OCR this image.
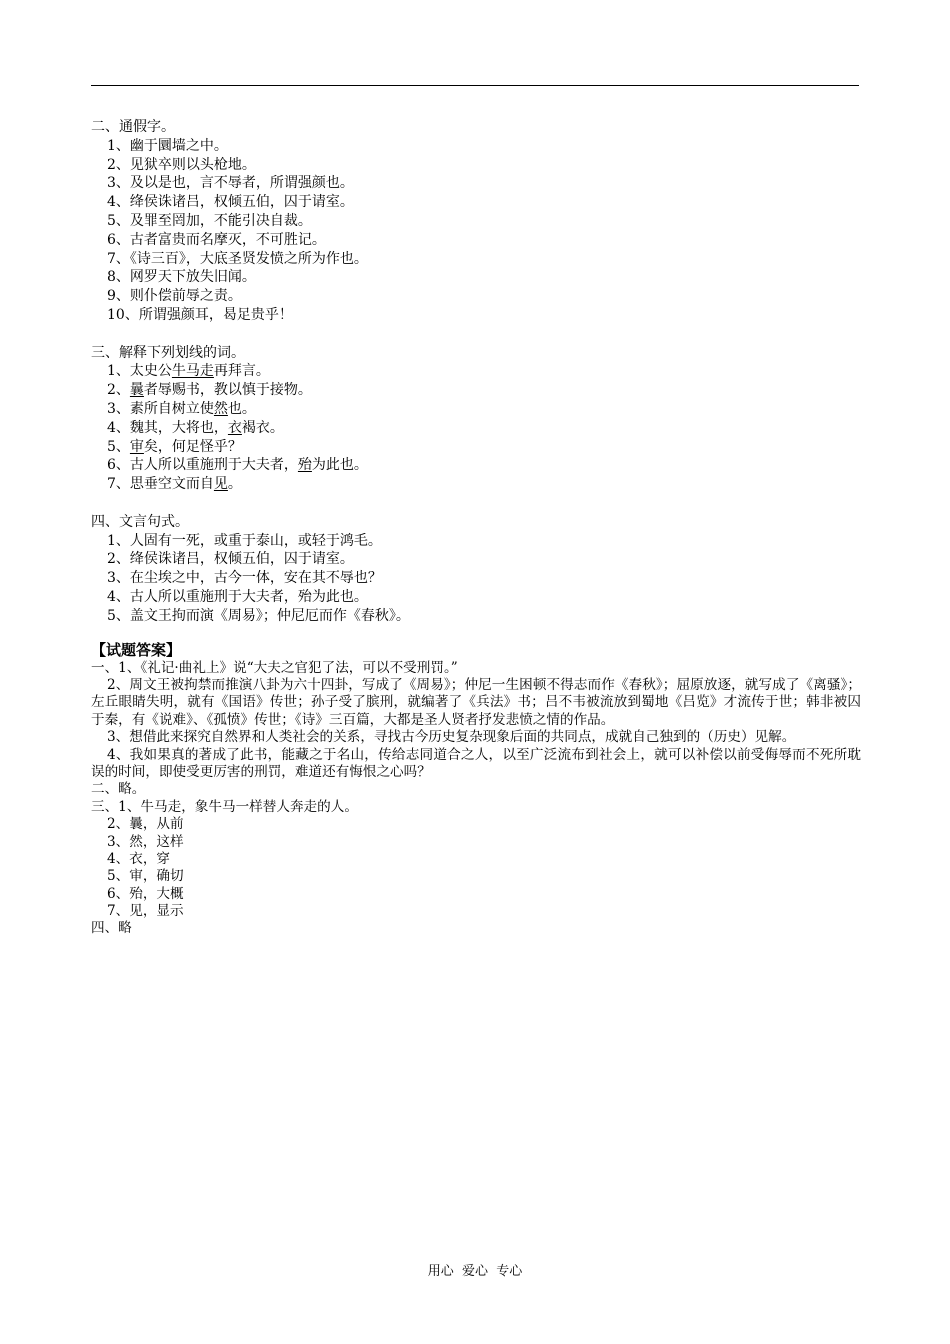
二、通假字。
1、幽于圜墙之中。
2、见狱卒则以头枪地。
3、及以是也，言不辱者，所谓强颜也。
4、绛侯诛诸吕，权倾五伯，囚于请室。
5、及罪至罔加，不能引决自裁。
6、古者富贵而名摩灭，不可胜记。
7、《诗三百》，大底圣贤发愤之所为作也。
8、网罗天下放失旧闻。
9、则仆偿前辱之责。
10、所谓强颜耳，曷足贵乎！
三、解释下列划线的词。
1、太史公牛马走再拜言。
2、曩者辱赐书，教以慎于接物。
3、素所自树立使然也。
4、魏其，大将也，衣褐衣。
5、审矣，何足怪乎？
6、古人所以重施刑于大夫者，殆为此也。
7、思垂空文而自见。
四、文言句式。
1、人固有一死，或重于泰山，或轻于鸿毛。
2、绛侯诛诸吕，权倾五伯，囚于请室。
3、在尘埃之中，古今一体，安在其不辱也？
4、古人所以重施刑于大夫者，殆为此也。
5、盖文王拘而演《周易》；仲尼厄而作《春秋》。
【试题答案】
一、1、《礼记·曲礼上》说“大夫之官犯了法，可以不受刑罚。”
2、周文王被拘禁而推演八卦为六十四卦，写成了《周易》；仲尼一生困顿不得志而作《春秋》；屈原放逐，就写成了《离骚》；左丘眼睛失明，就有《国语》传世；孙子受了膑刑，就编著了《兵法》书；吕不韦被流放到蜀地《吕览》才流传于世；韩非被囚于秦，有《说难》、《孤愤》传世；《诗》三百篇，大都是圣人贤者抒发悲愤之情的作品。
3、想借此来探究自然界和人类社会的关系，寻找古今历史复杂现象后面的共同点，成就自己独到的（历史）见解。
4、我如果真的著成了此书，能藏之于名山，传给志同道合之人，以至广泛流布到社会上，就可以补偿以前受侮辱而不死所耽误的时间，即使受更厉害的刑罚，难道还有悔恨之心吗？
二、略。
三、1、牛马走，象牛马一样替人奔走的人。
2、曩，从前
3、然，这样
4、衣，穿
5、审，确切
6、殆，大概
7、见，显示
四、略
用心  爱心  专心
